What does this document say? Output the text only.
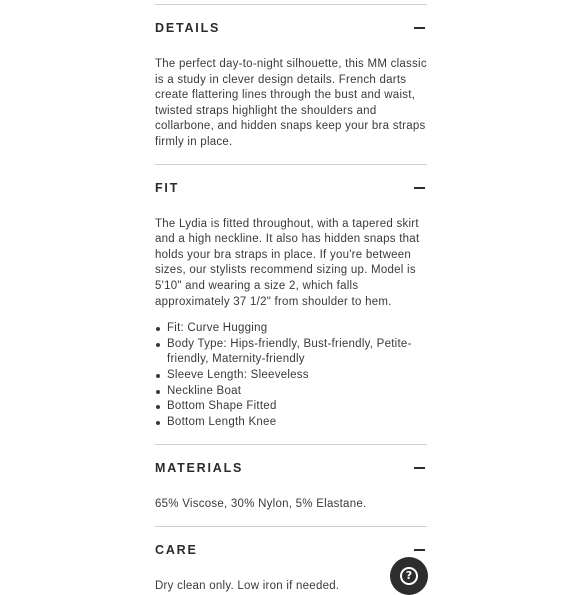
DETAILS

The perfect day-to-night silhouette, this MM classic is a study in clever design details. French darts create flattering lines through the bust and waist, twisted straps highlight the shoulders and collarbone, and hidden snaps keep your bra straps firmly in place.

FIT

The Lydia is fitted throughout, with a tapered skirt and a high neckline. It also has hidden snaps that holds your bra straps in place. If you're between sizes, our stylists recommend sizing up. Model is 5'10" and wearing a size 2, which falls approximately 37 1/2" from shoulder to hem.

Fit: Curve Hugging
Body Type: Hips-friendly, Bust-friendly, Petite-friendly, Maternity-friendly
Sleeve Length: Sleeveless
Neckline Boat
Bottom Shape Fitted
Bottom Length Knee
MATERIALS

65% Viscose, 30% Nylon, 5% Elastane.

CARE

Dry clean only. Low iron if needed.

?
